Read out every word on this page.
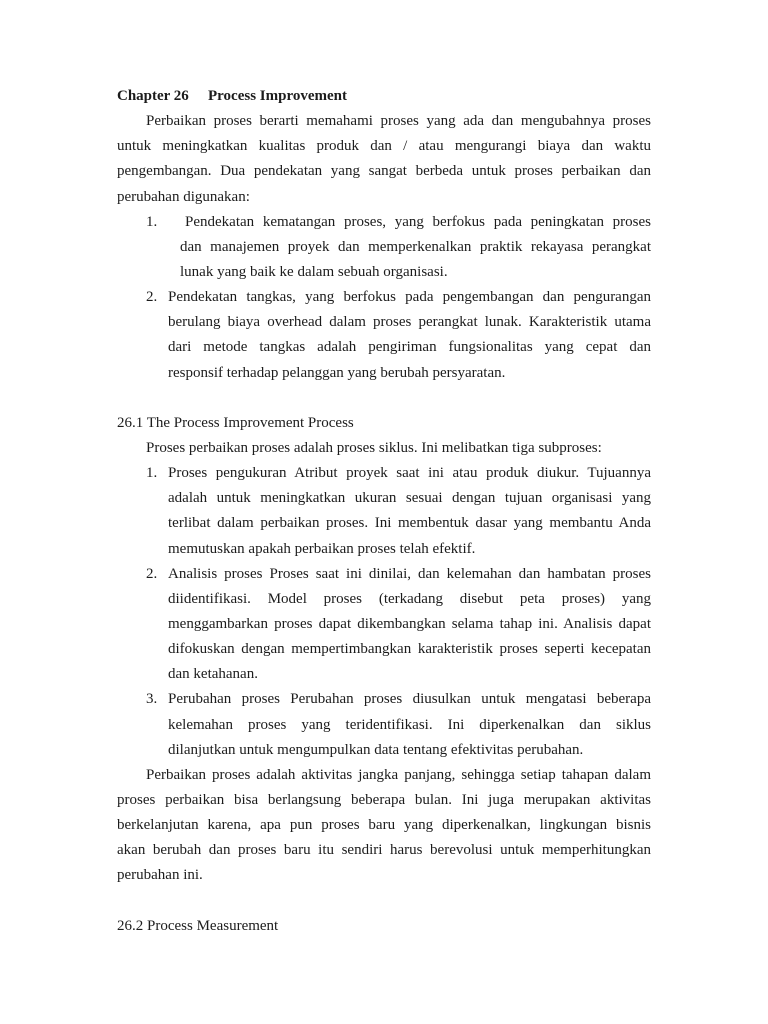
Chapter 26 Process Improvement
Perbaikan proses berarti memahami proses yang ada dan mengubahnya proses
untuk meningkatkan kualitas produk dan / atau mengurangi biaya dan waktu
pengembangan. Dua pendekatan yang sangat berbeda untuk proses perbaikan dan
perubahan digunakan:
1. Pendekatan kematangan proses, yang berfokus pada peningkatan proses
dan manajemen proyek dan memperkenalkan praktik rekayasa perangkat
lunak yang baik ke dalam sebuah organisasi.
2. Pendekatan tangkas, yang berfokus pada pengembangan dan pengurangan
berulang biaya overhead dalam proses perangkat lunak. Karakteristik utama
dari metode tangkas adalah pengiriman fungsionalitas yang cepat dan
responsif terhadap pelanggan yang berubah persyaratan.
26.1 The Process Improvement Process
Proses perbaikan proses adalah proses siklus. Ini melibatkan tiga subproses:
1. Proses pengukuran Atribut proyek saat ini atau produk diukur. Tujuannya
adalah untuk meningkatkan ukuran sesuai dengan tujuan organisasi yang
terlibat dalam perbaikan proses. Ini membentuk dasar yang membantu Anda
memutuskan apakah perbaikan proses telah efektif.
2. Analisis proses Proses saat ini dinilai, dan kelemahan dan hambatan proses
diidentifikasi. Model proses (terkadang disebut peta proses) yang
menggambarkan proses dapat dikembangkan selama tahap ini. Analisis dapat
difokuskan dengan mempertimbangkan karakteristik proses seperti kecepatan
dan ketahanan.
3. Perubahan proses Perubahan proses diusulkan untuk mengatasi beberapa
kelemahan proses yang teridentifikasi. Ini diperkenalkan dan siklus
dilanjutkan untuk mengumpulkan data tentang efektivitas perubahan.
Perbaikan proses adalah aktivitas jangka panjang, sehingga setiap tahapan dalam
proses perbaikan bisa berlangsung beberapa bulan. Ini juga merupakan aktivitas
berkelanjutan karena, apa pun proses baru yang diperkenalkan, lingkungan bisnis
akan berubah dan proses baru itu sendiri harus berevolusi untuk memperhitungkan
perubahan ini.
26.2 Process Measurement
